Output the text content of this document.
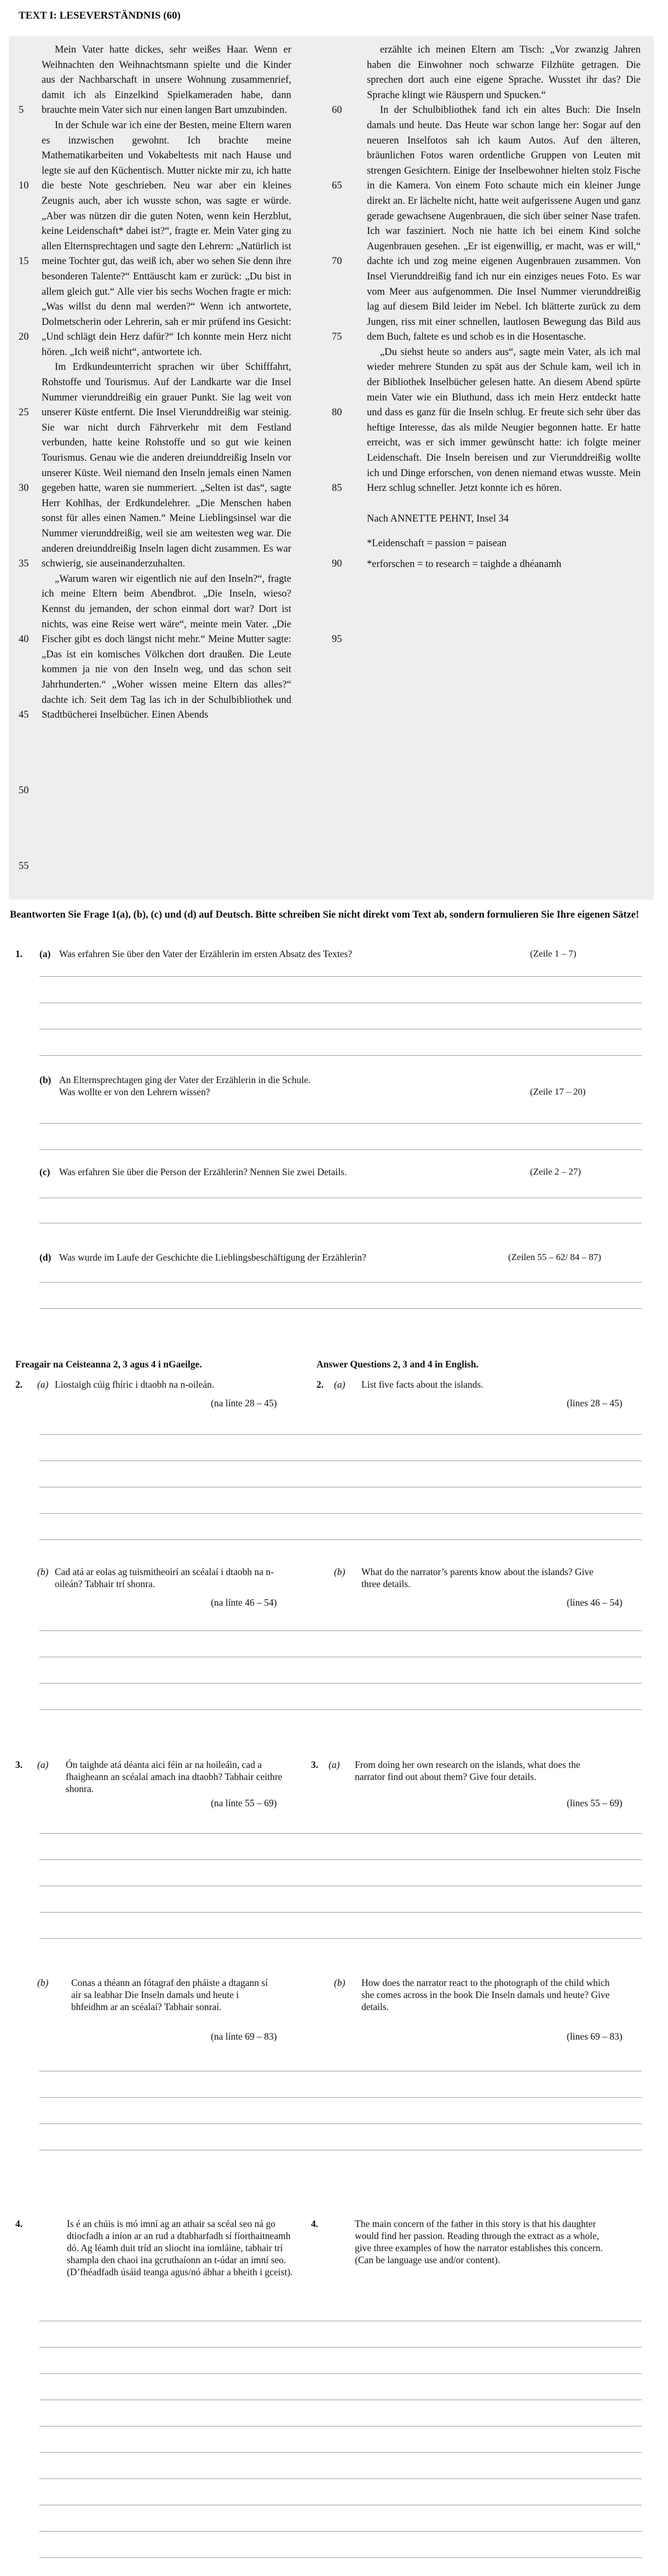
TEXT I: LESEVERSTÄNDNIS (60)
5
10
15
20
25
30
35
40
45
50
55
60
65
70
75
80
85
90
95

Mein Vater hatte dickes, sehr weißes Haar. Wenn er Weihnachten den Weihnachtsmann spielte und die Kinder aus der Nachbarschaft in unsere Wohnung zusammenrief, damit ich als Einzelkind Spielkameraden habe, dann brauchte mein Vater sich nur einen langen Bart umzubinden.

In der Schule war ich eine der Besten, meine Eltern waren es inzwischen gewohnt. Ich brachte meine Mathematikarbeiten und Vokabeltests mit nach Hause und legte sie auf den Küchentisch. Mutter nickte mir zu, ich hatte die beste Note geschrieben. Neu war aber ein kleines Zeugnis auch, aber ich wusste schon, was sagte er würde. „Aber was nützen dir die guten Noten, wenn kein Herzblut, keine Leidenschaft* dabei ist?“, fragte er. Mein Vater ging zu allen Elternsprechtagen und sagte den Lehrern: „Natürlich ist meine Tochter gut, das weiß ich, aber wo sehen Sie denn ihre besonderen Talente?“ Enttäuscht kam er zurück: „Du bist in allem gleich gut.“ Alle vier bis sechs Wochen fragte er mich: „Was willst du denn mal werden?“ Wenn ich antwortete, Dolmetscherin oder Lehrerin, sah er mir prüfend ins Gesicht: „Und schlägt dein Herz dafür?“ Ich konnte mein Herz nicht hören. „Ich weiß nicht“, antwortete ich.

Im Erdkundeunterricht sprachen wir über Schifffahrt, Rohstoffe und Tourismus. Auf der Landkarte war die Insel Nummer vierunddreißig ein grauer Punkt. Sie lag weit von unserer Küste entfernt. Die Insel Vierunddreißig war steinig. Sie war nicht durch Fährverkehr mit dem Festland verbunden, hatte keine Rohstoffe und so gut wie keinen Tourismus. Genau wie die anderen dreiunddreißig Inseln vor unserer Küste. Weil niemand den Inseln jemals einen Namen gegeben hatte, waren sie nummeriert. „Selten ist das“, sagte Herr Kohlhas, der Erdkundelehrer. „Die Menschen haben sonst für alles einen Namen.“ Meine Lieblingsinsel war die Nummer vierunddreißig, weil sie am weitesten weg war. Die anderen dreiunddreißig Inseln lagen dicht zusammen. Es war schwierig, sie auseinanderzuhalten.

„Warum waren wir eigentlich nie auf den Inseln?“, fragte ich meine Eltern beim Abendbrot. „Die Inseln, wieso? Kennst du jemanden, der schon einmal dort war? Dort ist nichts, was eine Reise wert wäre“, meinte mein Vater. „Die Fischer gibt es doch längst nicht mehr.“ Meine Mutter sagte: „Das ist ein komisches Völkchen dort draußen. Die Leute kommen ja nie von den Inseln weg, und das schon seit Jahrhunderten.“ „Woher wissen meine Eltern das alles?“ dachte ich. Seit dem Tag las ich in der Schulbibliothek und Stadtbücherei Inselbücher. Einen Abends

erzählte ich meinen Eltern am Tisch: „Vor zwanzig Jahren haben die Einwohner noch schwarze Filzhüte getragen. Die sprechen dort auch eine eigene Sprache. Wusstet ihr das? Die Sprache klingt wie Räuspern und Spucken.“

In der Schulbibliothek fand ich ein altes Buch: Die Inseln damals und heute. Das Heute war schon lange her: Sogar auf den neueren Inselfotos sah ich kaum Autos. Auf den älteren, bräunlichen Fotos waren ordentliche Gruppen von Leuten mit strengen Gesichtern. Einige der Inselbewohner hielten stolz Fische in die Kamera. Von einem Foto schaute mich ein kleiner Junge direkt an. Er lächelte nicht, hatte weit aufgerissene Augen und ganz gerade gewachsene Augenbrauen, die sich über seiner Nase trafen. Ich war fasziniert. Noch nie hatte ich bei einem Kind solche Augenbrauen gesehen. „Er ist eigenwillig, er macht, was er will,“ dachte ich und zog meine eigenen Augenbrauen zusammen. Von Insel Vierunddreißig fand ich nur ein einziges neues Foto. Es war vom Meer aus aufgenommen. Die Insel Nummer vierunddreißig lag auf diesem Bild leider im Nebel. Ich blätterte zurück zu dem Jungen, riss mit einer schnellen, lautlosen Bewegung das Bild aus dem Buch, faltete es und schob es in die Hosentasche.

„Du siehst heute so anders aus“, sagte mein Vater, als ich mal wieder mehrere Stunden zu spät aus der Schule kam, weil ich in der Bibliothek Inselbücher gelesen hatte. An diesem Abend spürte mein Vater wie ein Bluthund, dass ich mein Herz entdeckt hatte und dass es ganz für die Inseln schlug. Er freute sich sehr über das heftige Interesse, das als milde Neugier begonnen hatte. Er hatte erreicht, was er sich immer gewünscht hatte: ich folgte meiner Leidenschaft. Die Inseln bereisen und zur Vierunddreißig wollte ich und Dinge erforschen, von denen niemand etwas wusste. Mein Herz schlug schneller. Jetzt konnte ich es hören.

Nach ANNETTE PEHNT, Insel 34

*Leidenschaft = passion = paisean

*erforschen = to research = taighde a dhéanamh

Beantworten Sie Frage 1(a), (b), (c) und (d) auf Deutsch. Bitte schreiben Sie nicht direkt vom Text ab, sondern formulieren Sie Ihre eigenen Sätze!
1. (a) Was erfahren Sie über den Vater der Erzählerin im ersten Absatz des Textes?	(Zeile 1 – 7)
(b) An Elternsprechtagen ging der Vater der Erzählerin in die Schule.
Was wollte er von den Lehrern wissen?	(Zeile 17 – 20)
(c) Was erfahren Sie über die Person der Erzählerin? Nennen Sie zwei Details.	(Zeile 2 – 27)
(d) Was wurde im Laufe der Geschichte die Lieblingsbeschäftigung der Erzählerin?	(Zeilen 55 – 62/ 84 – 87)
Freagair na Ceisteanna 2, 3 agus 4 i nGaeilge.	Answer Questions 2, 3 and 4 in English.
2. (a) Liostaigh cúig fhíric i dtaobh na n-oileán.
(na línte 28 – 45)
2. (a) List five facts about the islands.
(lines 28 – 45)
(b) Cad atá ar eolas ag tuismitheoirí an scéalaí i dtaobh na n-oileán? Tabhair trí shonra.
(na línte 46 – 54)
(b) What do the narrator’s parents know about the islands? Give three details.
(lines 46 – 54)
3. (a) Ón taighde atá déanta aici féin ar na hoileáin, cad a fhaigheann an scéalaí amach ina dtaobh? Tabhair ceithre shonra.
(na línte 55 – 69)
3. (a) From doing her own research on the islands, what does the narrator find out about them? Give four details.
(lines 55 – 69)
(b) Conas a théann an fótagraf den pháiste a dtagann sí air sa leabhar Die Inseln damals und heute i bhfeidhm ar an scéalaí? Tabhair sonraí.
(na línte 69 – 83)
(b) How does the narrator react to the photograph of the child which she comes across in the book Die Inseln damals und heute? Give details.
(lines 69 – 83)
4.	Is é an chúis is mó imní ag an athair sa scéal seo ná go dtiocfadh a iníon ar an rud a dtabharfadh sí fíorthaitneamh dó. Ag léamh duit tríd an sliocht ina iomláine, tabhair trí shampla den chaoi ina gcruthaíonn an t-údar an imní seo. (D’fhéadfadh úsáid teanga agus/nó ábhar a bheith i gceist).
4.	The main concern of the father in this story is that his daughter would find her passion. Reading through the extract as a whole, give three examples of how the narrator establishes this concern. (Can be language use and/or content).
